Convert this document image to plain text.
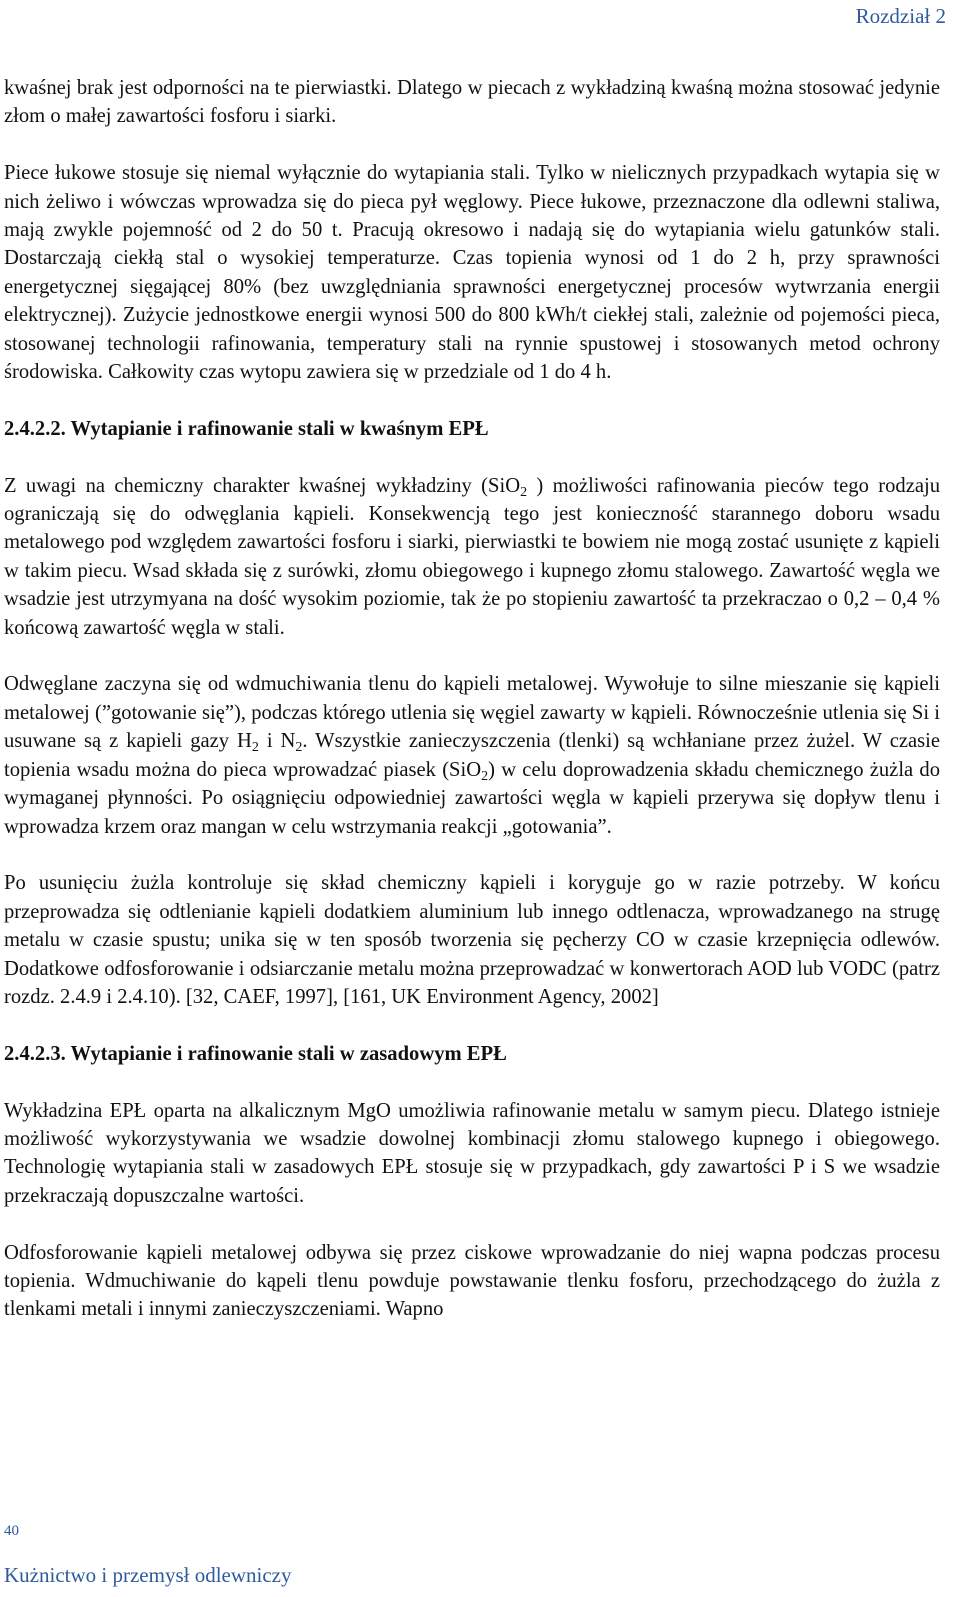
Rozdział 2

kwaśnej brak jest odporności na te pierwiastki. Dlatego w piecach z wykładziną kwaśną można stosować jedynie złom o małej zawartości fosforu i siarki.

Piece łukowe stosuje się niemal wyłącznie do wytapiania stali. Tylko w nielicznych przypadkach wytapia się w nich żeliwo i wówczas wprowadza się do pieca pył węglowy. Piece łukowe, przeznaczone dla odlewni staliwa, mają zwykle pojemność od 2 do 50 t. Pracują okresowo i nadają się do wytapiania wielu gatunków stali. Dostarczają ciekłą stal o wysokiej temperaturze. Czas topienia wynosi od 1 do 2 h, przy sprawności energetycznej sięgającej 80% (bez uwzględniania sprawności energetycznej procesów wytwrzania energii elektrycznej). Zużycie jednostkowe energii wynosi 500 do 800 kWh/t ciekłej stali, zależnie od pojemości pieca, stosowanej technologii rafinowania, temperatury stali na rynnie spustowej i stosowanych metod ochrony środowiska. Całkowity czas wytopu zawiera się w przedziale od 1 do 4 h.

2.4.2.2. Wytapianie i rafinowanie stali w kwaśnym EPŁ

Z uwagi na chemiczny charakter kwaśnej wykładziny (SiO$_2$ ) możliwości rafinowania pieców tego rodzaju ograniczają się do odwęglania kąpieli. Konsekwencją tego jest konieczność starannego doboru wsadu metalowego pod względem zawartości fosforu i siarki, pierwiastki te bowiem nie mogą zostać usunięte z kąpieli w takim piecu. Wsad składa się z surówki, złomu obiegowego i kupnego złomu stalowego. Zawartość węgla we wsadzie jest utrzymyana na dość wysokim poziomie, tak że po stopieniu zawartość ta przekraczao o 0,2 – 0,4 % końcową zawartość węgla w stali.

Odwęglane zaczyna się od wdmuchiwania tlenu do kąpieli metalowej. Wywołuje to silne mieszanie się kąpieli metalowej (”gotowanie się”), podczas którego utlenia się węgiel zawarty w kąpieli. Równocześnie utlenia się Si i usuwane są z kapieli gazy $H_2$ i $N_2$. Wszystkie zanieczyszczenia (tlenki) są wchłaniane przez żużel. W czasie topienia wsadu można do pieca wprowadzać piasek (SiO$_2$) w celu doprowadzenia składu chemicznego żużla do wymaganej płynności. Po osiągnięciu odpowiedniej zawartości węgla w kąpieli przerywa się dopływ tlenu i wprowadza krzem oraz mangan w celu wstrzymania reakcji „gotowania”.

Po usunięciu żużla kontroluje się skład chemiczny kąpieli i koryguje go w razie potrzeby. W końcu przeprowadza się odtlenianie kąpieli dodatkiem aluminium lub innego odtlenacza, wprowadzanego na strugę metalu w czasie spustu; unika się w ten sposób tworzenia się pęcherzy CO w czasie krzepnięcia odlewów. Dodatkowe odfosforowanie i odsiarczanie metalu można przeprowadzać w konwertorach AOD lub VODC (patrz rozdz. 2.4.9 i 2.4.10). [32, CAEF, 1997], [161, UK Environment Agency, 2002]

2.4.2.3. Wytapianie i rafinowanie stali w zasadowym EPŁ

Wykładzina EPŁ oparta na alkalicznym MgO umożliwia rafinowanie metalu w samym piecu. Dlatego istnieje możliwość wykorzystywania we wsadzie dowolnej kombinacji złomu stalowego kupnego i obiegowego. Technologię wytapiania stali w zasadowych EPŁ stosuje się w przypadkach, gdy zawartości P i S we wsadzie przekraczają dopuszczalne wartości.

Odfosforowanie kąpieli metalowej odbywa się przez ciskowe wprowadzanie do niej wapna podczas procesu topienia. Wdmuchiwanie do kąpeli tlenu powduje powstawanie tlenku fosforu, przechodzącego do żużla z tlenkami metali i innymi zanieczyszczeniami. Wapno

40
Kużnictwo i przemysł odlewniczy
